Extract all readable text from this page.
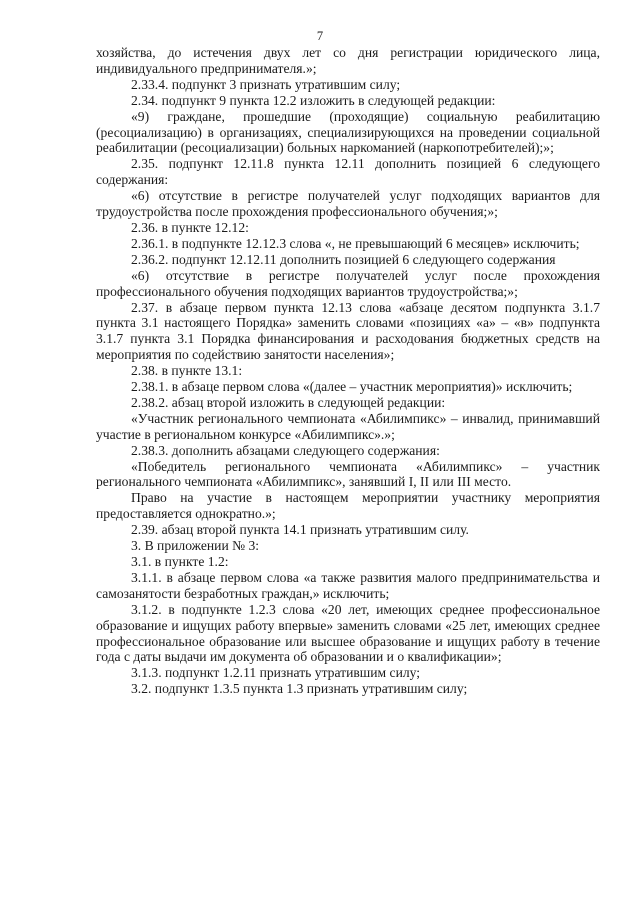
7

хозяйства, до истечения двух лет со дня регистрации юридического лица, индивидуального предпринимателя.»;

2.33.4. подпункт 3 признать утратившим силу;

2.34. подпункт 9 пункта 12.2 изложить в следующей редакции:

«9) граждане, прошедшие (проходящие) социальную реабилитацию (ресоциализацию) в организациях, специализирующихся на проведении социальной реабилитации (ресоциализации) больных наркоманией (наркопотребителей);»;

2.35. подпункт 12.11.8 пункта 12.11 дополнить позицией 6 следующего содержания:

«6) отсутствие в регистре получателей услуг подходящих вариантов для трудоустройства после прохождения профессионального обучения;»;

2.36. в пункте 12.12:

2.36.1. в подпункте 12.12.3 слова «, не превышающий 6 месяцев» исключить;

2.36.2. подпункт 12.12.11 дополнить позицией 6 следующего содержания

«6) отсутствие в регистре получателей услуг после прохождения профессионального обучения подходящих вариантов трудоустройства;»;

2.37. в абзаце первом пункта 12.13 слова «абзаце десятом подпункта 3.1.7 пункта 3.1 настоящего Порядка» заменить словами «позициях «а» – «в» подпункта 3.1.7 пункта 3.1 Порядка финансирования и расходования бюджетных средств на мероприятия по содействию занятости населения»;

2.38. в пункте 13.1:

2.38.1. в абзаце первом слова «(далее – участник мероприятия)» исключить;

2.38.2. абзац второй изложить в следующей редакции:

«Участник регионального чемпионата «Абилимпикс» – инвалид, принимавший участие в региональном конкурсе «Абилимпикс».»;

2.38.3. дополнить абзацами следующего содержания:

«Победитель регионального чемпионата «Абилимпикс» – участник регионального чемпионата «Абилимпикс», занявший I, II или III место.

Право на участие в настоящем мероприятии участнику мероприятия предоставляется однократно.»;

2.39. абзац второй пункта 14.1 признать утратившим силу.

3. В приложении № 3:

3.1. в пункте 1.2:

3.1.1. в абзаце первом слова «а также развития малого предпринимательства и самозанятости безработных граждан,» исключить;

3.1.2. в подпункте 1.2.3 слова «20 лет, имеющих среднее профессиональное образование и ищущих работу впервые» заменить словами «25 лет, имеющих среднее профессиональное образование или высшее образование и ищущих работу в течение года с даты выдачи им документа об образовании и о квалификации»;

3.1.3. подпункт 1.2.11 признать утратившим силу;

3.2. подпункт 1.3.5 пункта 1.3 признать утратившим силу;
